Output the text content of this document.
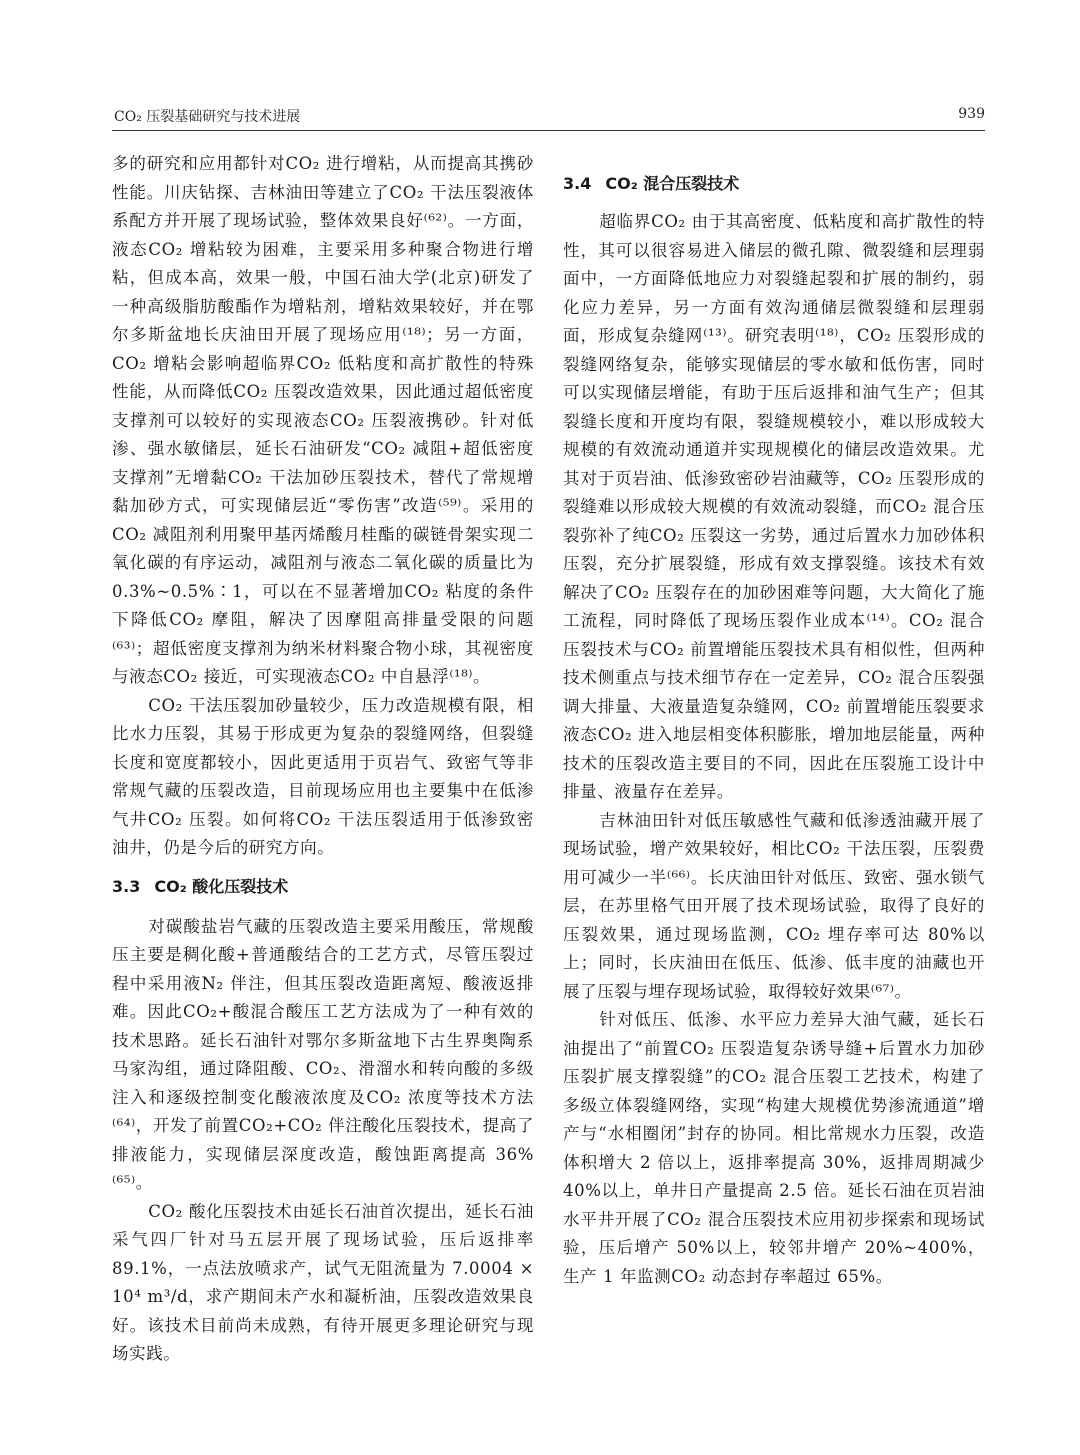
CO₂ 压裂基础研究与技术进展	939

多的研究和应用都针对CO₂ 进行增粘，从而提高其携砂性能。川庆钻探、吉林油田等建立了CO₂ 干法压裂液体系配方并开展了现场试验，整体效果良好⁽⁶²⁾。一方面，液态CO₂ 增粘较为困难，主要采用多种聚合物进行增粘，但成本高，效果一般，中国石油大学(北京)研发了一种高级脂肪酸酯作为增粘剂，增粘效果较好，并在鄂尔多斯盆地长庆油田开展了现场应用⁽¹⁸⁾；另一方面，CO₂ 增粘会影响超临界CO₂ 低粘度和高扩散性的特殊性能，从而降低CO₂ 压裂改造效果，因此通过超低密度支撑剂可以较好的实现液态CO₂ 压裂液携砂。针对低渗、强水敏储层，延长石油研发“CO₂ 减阻+超低密度支撑剂”无增黏CO₂ 干法加砂压裂技术，替代了常规增黏加砂方式，可实现储层近“零伤害”改造⁽⁵⁹⁾。采用的CO₂ 减阻剂利用聚甲基丙烯酸月桂酯的碳链骨架实现二氧化碳的有序运动，减阻剂与液态二氧化碳的质量比为 0.3%~0.5%∶1，可以在不显著增加CO₂ 粘度的条件下降低CO₂ 摩阻，解决了因摩阻高排量受限的问题⁽⁶³⁾；超低密度支撑剂为纳米材料聚合物小球，其视密度与液态CO₂ 接近，可实现液态CO₂ 中自悬浮⁽¹⁸⁾。

CO₂ 干法压裂加砂量较少，压力改造规模有限，相比水力压裂，其易于形成更为复杂的裂缝网络，但裂缝长度和宽度都较小，因此更适用于页岩气、致密气等非常规气藏的压裂改造，目前现场应用也主要集中在低渗气井CO₂ 压裂。如何将CO₂ 干法压裂适用于低渗致密油井，仍是今后的研究方向。

3.3 CO₂ 酸化压裂技术

对碳酸盐岩气藏的压裂改造主要采用酸压，常规酸压主要是稠化酸+普通酸结合的工艺方式，尽管压裂过程中采用液N₂ 伴注，但其压裂改造距离短、酸液返排难。因此CO₂+酸混合酸压工艺方法成为了一种有效的技术思路。延长石油针对鄂尔多斯盆地下古生界奥陶系马家沟组，通过降阻酸、CO₂、滑溜水和转向酸的多级注入和逐级控制变化酸液浓度及CO₂ 浓度等技术方法⁽⁶⁴⁾，开发了前置CO₂+CO₂ 伴注酸化压裂技术，提高了排液能力，实现储层深度改造，酸蚀距离提高 36%⁽⁶⁵⁾。

CO₂ 酸化压裂技术由延长石油首次提出，延长石油采气四厂针对马五层开展了现场试验，压后返排率 89.1%，一点法放喷求产，试气无阻流量为 7.0004 × 10⁴ m³/d，求产期间未产水和凝析油，压裂改造效果良好。该技术目前尚未成熟，有待开展更多理论研究与现场实践。

3.4 CO₂ 混合压裂技术

超临界CO₂ 由于其高密度、低粘度和高扩散性的特性，其可以很容易进入储层的微孔隙、微裂缝和层理弱面中，一方面降低地应力对裂缝起裂和扩展的制约，弱化应力差异，另一方面有效沟通储层微裂缝和层理弱面，形成复杂缝网⁽¹³⁾。研究表明⁽¹⁸⁾，CO₂ 压裂形成的裂缝网络复杂，能够实现储层的零水敏和低伤害，同时可以实现储层增能，有助于压后返排和油气生产；但其裂缝长度和开度均有限，裂缝规模较小，难以形成较大规模的有效流动通道并实现规模化的储层改造效果。尤其对于页岩油、低渗致密砂岩油藏等，CO₂ 压裂形成的裂缝难以形成较大规模的有效流动裂缝，而CO₂ 混合压裂弥补了纯CO₂ 压裂这一劣势，通过后置水力加砂体积压裂，充分扩展裂缝，形成有效支撑裂缝。该技术有效解决了CO₂ 压裂存在的加砂困难等问题，大大简化了施工流程，同时降低了现场压裂作业成本⁽¹⁴⁾。CO₂ 混合压裂技术与CO₂ 前置增能压裂技术具有相似性，但两种技术侧重点与技术细节存在一定差异，CO₂ 混合压裂强调大排量、大液量造复杂缝网，CO₂ 前置增能压裂要求液态CO₂ 进入地层相变体积膨胀，增加地层能量，两种技术的压裂改造主要目的不同，因此在压裂施工设计中排量、液量存在差异。

吉林油田针对低压敏感性气藏和低渗透油藏开展了现场试验，增产效果较好，相比CO₂ 干法压裂，压裂费用可减少一半⁽⁶⁶⁾。长庆油田针对低压、致密、强水锁气层，在苏里格气田开展了技术现场试验，取得了良好的压裂效果，通过现场监测，CO₂ 埋存率可达 80%以上；同时，长庆油田在低压、低渗、低丰度的油藏也开展了压裂与埋存现场试验，取得较好效果⁽⁶⁷⁾。

针对低压、低渗、水平应力差异大油气藏，延长石油提出了“前置CO₂ 压裂造复杂诱导缝+后置水力加砂压裂扩展支撑裂缝”的CO₂ 混合压裂工艺技术，构建了多级立体裂缝网络，实现“构建大规模优势渗流通道”增产与“水相圈闭”封存的协同。相比常规水力压裂，改造体积增大 2 倍以上，返排率提高 30%，返排周期减少 40%以上，单井日产量提高 2.5 倍。延长石油在页岩油水平井开展了CO₂ 混合压裂技术应用初步探索和现场试验，压后增产 50%以上，较邻井增产 20%~400%，生产 1 年监测CO₂ 动态封存率超过 65%。
